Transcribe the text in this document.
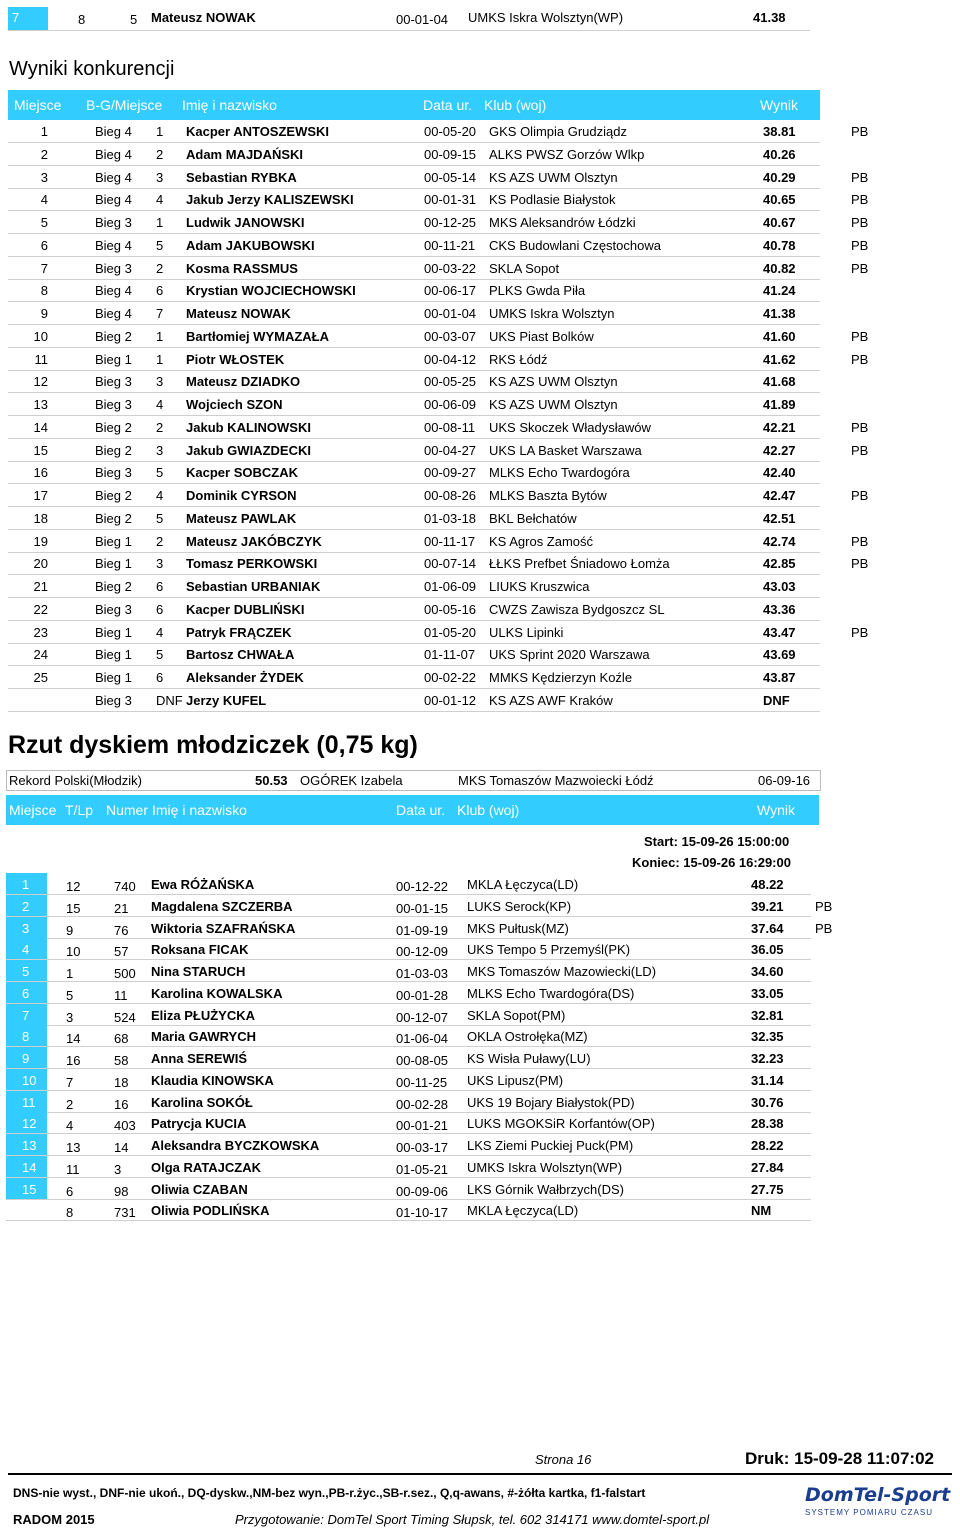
7	8	5 Mateusz NOWAK	00-01-04 UMKS Iskra Wolsztyn(WP)	41.38
Wyniki konkurencji
Miejsce B-G/Miejsce Imię i nazwisko	Data ur. Klub (woj)	Wynik
1	Bieg 4 1 Kacper ANTOSZEWSKI	00-05-20 GKS Olimpia Grudziądz	38.81	PB
2	Bieg 4 2 Adam MAJDAŃSKI	00-09-15 ALKS PWSZ Gorzów Wlkp	40.26
3	Bieg 4 3 Sebastian RYBKA	00-05-14 KS AZS UWM Olsztyn	40.29	PB
4	Bieg 4 4 Jakub Jerzy KALISZEWSKI	00-01-31 KS Podlasie Białystok	40.65	PB
5	Bieg 3 1 Ludwik JANOWSKI	00-12-25 MKS Aleksandrów Łódzki	40.67	PB
6	Bieg 4 5 Adam JAKUBOWSKI	00-11-21 CKS Budowlani Częstochowa	40.78	PB
7	Bieg 3 2 Kosma RASSMUS	00-03-22 SKLA Sopot	40.82	PB
8	Bieg 4 6 Krystian WOJCIECHOWSKI	00-06-17 PLKS Gwda Piła	41.24
9	Bieg 4 7 Mateusz NOWAK	00-01-04 UMKS Iskra Wolsztyn	41.38
10	Bieg 2 1 Bartłomiej WYMAZAŁA	00-03-07 UKS Piast Bolków	41.60	PB
11	Bieg 1 1 Piotr WŁOSTEK	00-04-12 RKS Łódź	41.62	PB
12	Bieg 3 3 Mateusz DZIADKO	00-05-25 KS AZS UWM Olsztyn	41.68
13	Bieg 3 4 Wojciech SZON	00-06-09 KS AZS UWM Olsztyn	41.89
14	Bieg 2 2 Jakub KALINOWSKI	00-08-11 UKS Skoczek Władysławów	42.21	PB
15	Bieg 2 3 Jakub GWIAZDECKI	00-04-27 UKS LA Basket Warszawa	42.27	PB
16	Bieg 3 5 Kacper SOBCZAK	00-09-27 MLKS Echo Twardogóra	42.40
17	Bieg 2 4 Dominik CYRSON	00-08-26 MLKS Baszta Bytów	42.47	PB
18	Bieg 2 5 Mateusz PAWLAK	01-03-18 BKL Bełchatów	42.51
19	Bieg 1 2 Mateusz JAKÓBCZYK	00-11-17 KS Agros Zamość	42.74	PB
20	Bieg 1 3 Tomasz PERKOWSKI	00-07-14 ŁŁKS Prefbet Śniadowo Łomża	42.85	PB
21	Bieg 2 6 Sebastian URBANIAK	01-06-09 LIUKS Kruszwica	43.03
22	Bieg 3 6 Kacper DUBLIŃSKI	00-05-16 CWZS Zawisza Bydgoszcz SL	43.36
23	Bieg 1 4 Patryk FRĄCZEK	01-05-20 ULKS Lipinki	43.47	PB
24	Bieg 1 5 Bartosz CHWAŁA	01-11-07 UKS Sprint 2020 Warszawa	43.69
25	Bieg 1 6 Aleksander ŻYDEK	00-02-22 MMKS Kędzierzyn Koźle	43.87
Bieg 3 DNF Jerzy KUFEL	00-01-12 KS AZS AWF Kraków	DNF
Rzut dyskiem młodziczek (0,75 kg)
Rekord Polski(Młodzik)	50.53 OGÓREK Izabela	MKS Tomaszów Mazwoiecki Łódź	06-09-16
Miejsce T/Lp Numer Imię i nazwisko	Data ur. Klub (woj)	Wynik
Start: 15-09-26 15:00:00
Koniec: 15-09-26 16:29:00
1	12	740 Ewa RÓŻAŃSKA	00-12-22 MKLA Łęczyca(LD)	48.22
2	15	21 Magdalena SZCZERBA	00-01-15 LUKS Serock(KP)	39.21 PB
3	9	76 Wiktoria SZAFRAŃSKA	01-09-19 MKS Pułtusk(MZ)	37.64 PB
4	10	57 Roksana FICAK	00-12-09 UKS Tempo 5 Przemyśl(PK)	36.05
5	1	500 Nina STARUCH	01-03-03 MKS Tomaszów Mazowiecki(LD)	34.60
6	5	11 Karolina KOWALSKA	00-01-28 MLKS Echo Twardogóra(DS)	33.05
7	3	524 Eliza PŁUŻYCKA	00-12-07 SKLA Sopot(PM)	32.81
8	14	68 Maria GAWRYCH	01-06-04 OKLA Ostrołęka(MZ)	32.35
9	16	58 Anna SEREWIŚ	00-08-05 KS Wisła Puławy(LU)	32.23
10 7	18 Klaudia KINOWSKA	00-11-25 UKS Lipusz(PM)	31.14
11 2	16 Karolina SOKÓŁ	00-02-28 UKS 19 Bojary Białystok(PD)	30.76
12 4	403 Patrycja KUCIA	00-01-21 LUKS MGOKSiR Korfantów(OP)	28.38
13 13	14 Aleksandra BYCZKOWSKA	00-03-17 LKS Ziemi Puckiej Puck(PM)	28.22
14 11	3 Olga RATAJCZAK	01-05-21 UMKS Iskra Wolsztyn(WP)	27.84
15 6	98 Oliwia CZABAN	00-09-06 LKS Górnik Wałbrzych(DS)	27.75
8	731 Oliwia PODLIŃSKA	01-10-17 MKLA Łęczyca(LD)	NM
Strona 16	Druk: 15-09-28 11:07:02
DNS-nie wyst., DNF-nie ukoń., DQ-dyskw.,NM-bez wyn.,PB-r.życ.,SB-r.sez., Q,q-awans, #-żółta kartka, f1-falstart
RADOM 2015	Przygotowanie: DomTel Sport Timing Słupsk, tel. 602 314171 www.domtel-sport.pl
DomTel-Sport
SYSTEMY POMIARU CZASU
